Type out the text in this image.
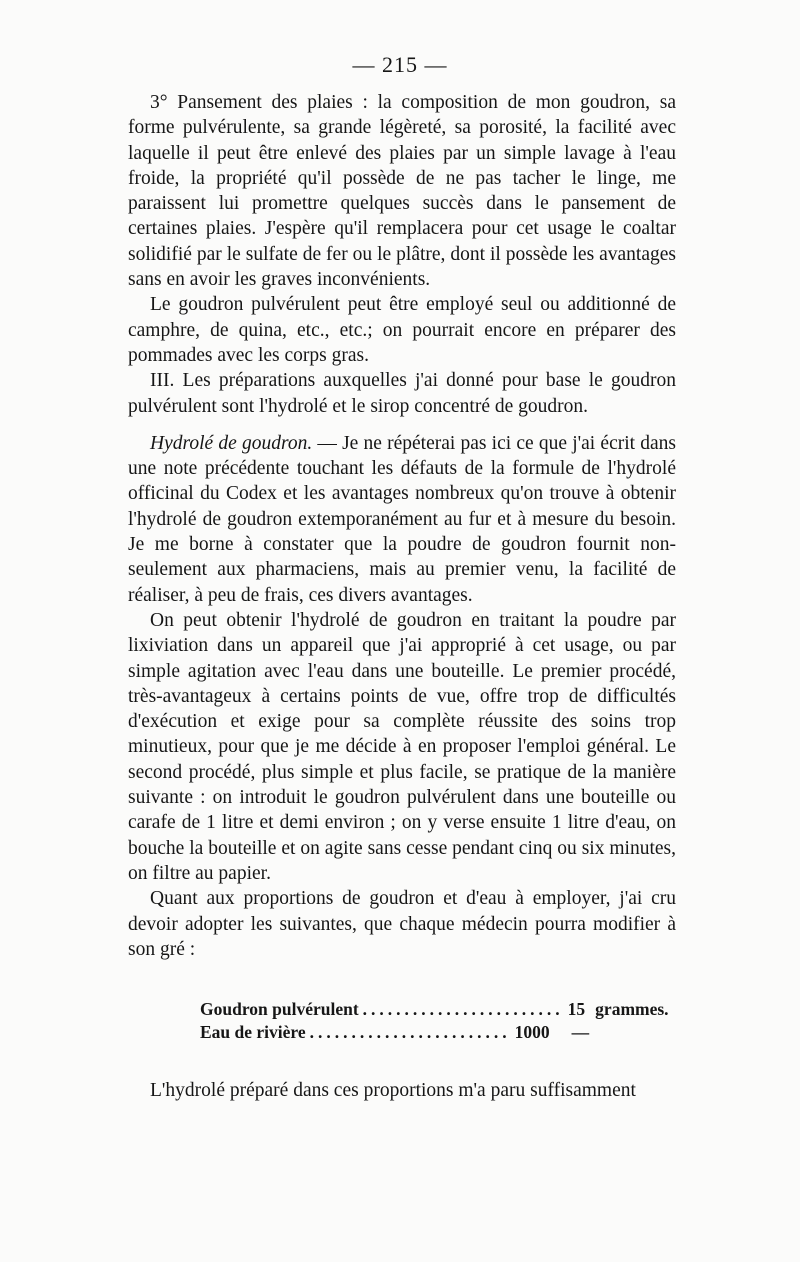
— 215 —

3° Pansement des plaies : la composition de mon goudron, sa forme pulvérulente, sa grande légèreté, sa porosité, la facilité avec laquelle il peut être enlevé des plaies par un simple lavage à l'eau froide, la propriété qu'il possède de ne pas tacher le linge, me paraissent lui promettre quelques succès dans le pansement de certaines plaies. J'espère qu'il remplacera pour cet usage le coaltar solidifié par le sulfate de fer ou le plâtre, dont il possède les avantages sans en avoir les graves inconvénients.

Le goudron pulvérulent peut être employé seul ou additionné de camphre, de quina, etc., etc.; on pourrait encore en préparer des pommades avec les corps gras.

III. Les préparations auxquelles j'ai donné pour base le goudron pulvérulent sont l'hydrolé et le sirop concentré de goudron.

Hydrolé de goudron. — Je ne répéterai pas ici ce que j'ai écrit dans une note précédente touchant les défauts de la formule de l'hydrolé officinal du Codex et les avantages nombreux qu'on trouve à obtenir l'hydrolé de goudron extemporanément au fur et à mesure du besoin. Je me borne à constater que la poudre de goudron fournit non-seulement aux pharmaciens, mais au premier venu, la facilité de réaliser, à peu de frais, ces divers avantages.

On peut obtenir l'hydrolé de goudron en traitant la poudre par lixiviation dans un appareil que j'ai approprié à cet usage, ou par simple agitation avec l'eau dans une bouteille. Le premier procédé, très-avantageux à certains points de vue, offre trop de difficultés d'exécution et exige pour sa complète réussite des soins trop minutieux, pour que je me décide à en proposer l'emploi général. Le second procédé, plus simple et plus facile, se pratique de la manière suivante : on introduit le goudron pulvérulent dans une bouteille ou carafe de 1 litre et demi environ ; on y verse ensuite 1 litre d'eau, on bouche la bouteille et on agite sans cesse pendant cinq ou six minutes, on filtre au papier.

Quant aux proportions de goudron et d'eau à employer, j'ai cru devoir adopter les suivantes, que chaque médecin pourra modifier à son gré :

Goudron pulvérulent ........................ 15 grammes.
Eau de rivière ........................ 1000	—

L'hydrolé préparé dans ces proportions m'a paru suffisamment
